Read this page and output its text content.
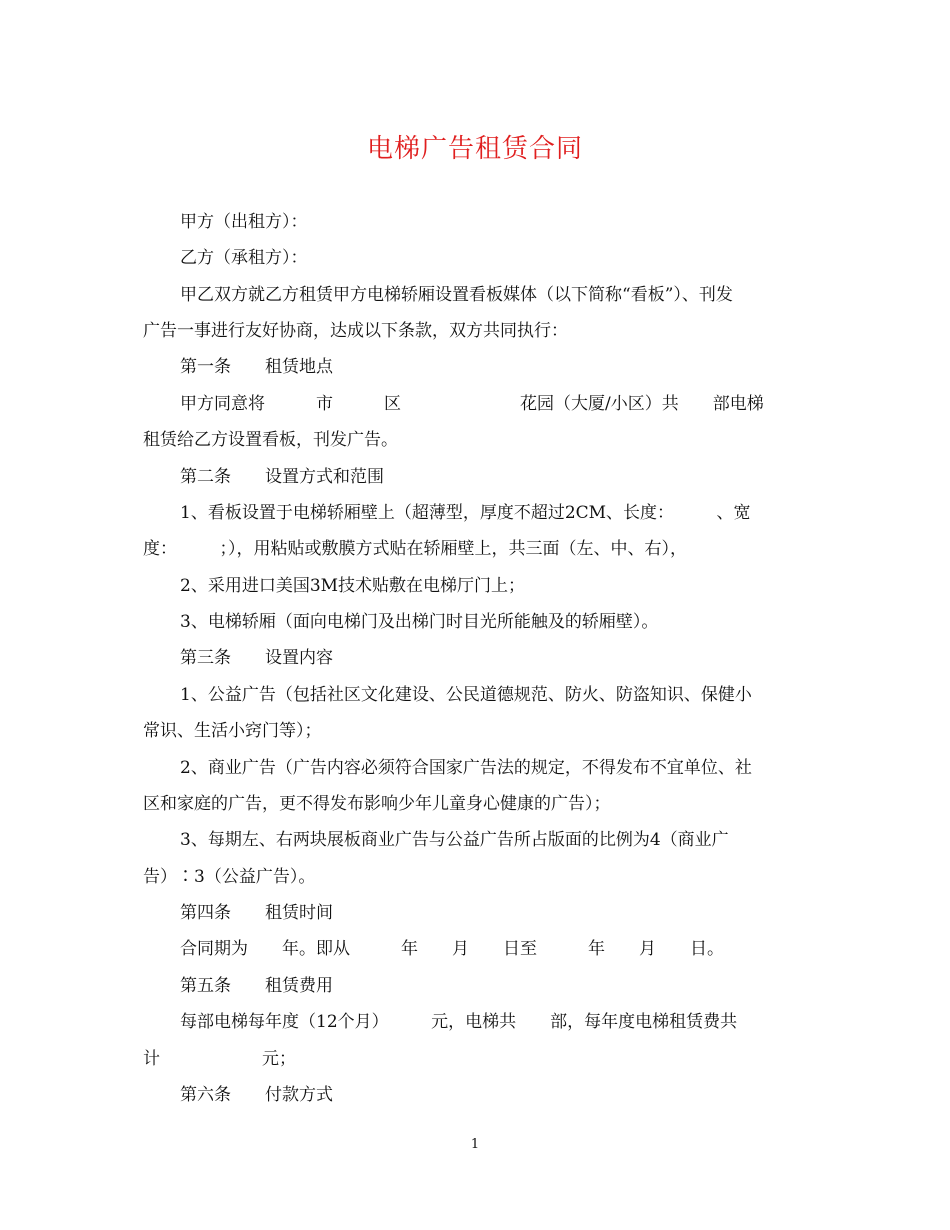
电梯广告租赁合同
甲方（出租方）：
乙方（承租方）：
甲乙双方就乙方租赁甲方电梯轿厢设置看板媒体（以下简称“看板”）、刊发
广告一事进行友好协商，达成以下条款，双方共同执行：
第一条　　租赁地点
甲方同意将　　　市　　　区　　　　　　　花园（大厦/小区）共　　部电梯
租赁给乙方设置看板，刊发广告。
第二条　　设置方式和范围
1、看板设置于电梯轿厢壁上（超薄型，厚度不超过2CM、长度：　　　、宽
度：　　　；），用粘贴或敷膜方式贴在轿厢壁上，共三面（左、中、右），
2、采用进口美国3M技术贴敷在电梯厅门上；
3、电梯轿厢（面向电梯门及出梯门时目光所能触及的轿厢壁）。
第三条　　设置内容
1、公益广告（包括社区文化建设、公民道德规范、防火、防盗知识、保健小
常识、生活小窍门等）；
2、商业广告（广告内容必须符合国家广告法的规定，不得发布不宜单位、社
区和家庭的广告，更不得发布影响少年儿童身心健康的广告）；
3、每期左、右两块展板商业广告与公益广告所占版面的比例为4（商业广
告）∶3（公益广告）。
第四条　　租赁时间
合同期为　　年。即从　　　年　　月　　日至　　　年　　月　　日。
第五条　　租赁费用
每部电梯每年度（12个月）　　　元，电梯共　　部，每年度电梯租赁费共
计　　　　　　元；
第六条　　付款方式
1
